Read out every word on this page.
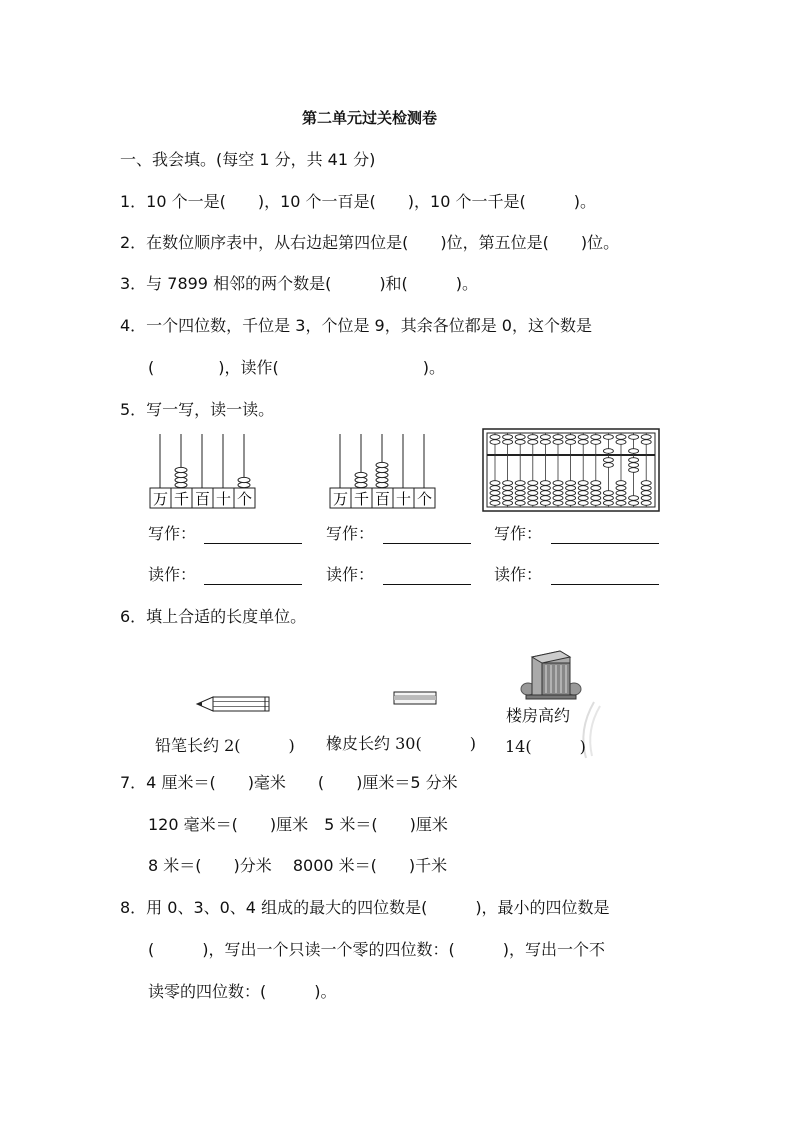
第二单元过关检测卷
一、我会填。(每空 1 分，共 41 分)
1．10 个一是(　　)，10 个一百是(　　)，10 个一千是(　　　)。
2．在数位顺序表中，从右边起第四位是(　　)位，第五位是(　　)位。
3．与 7899 相邻的两个数是(　　　)和(　　　)。
4．一个四位数，千位是 3，个位是 9，其余各位都是 0，这个数是
(　　　　)，读作(　　　　　　　　　)。
5．写一写，读一读。
万 千 百 十 个	万 千 百 十 个
写作：	写作：	写作：
读作：	读作：	读作：
6．填上合适的长度单位。
楼房高约
铅笔长约 2(　　　) 橡皮长约 30(　　　) 14(　　　)
7．4 厘米＝(　　)毫米　　(　　)厘米＝5 分米
120 毫米＝(　　)厘米　5 米＝(　　)厘米
8 米＝(　　)分米　 8000 米＝(　　)千米
8．用 0、3、0、4 组成的最大的四位数是(　　　)，最小的四位数是
(　　　)，写出一个只读一个零的四位数：(　　　)，写出一个不
读零的四位数：(　　　)。
